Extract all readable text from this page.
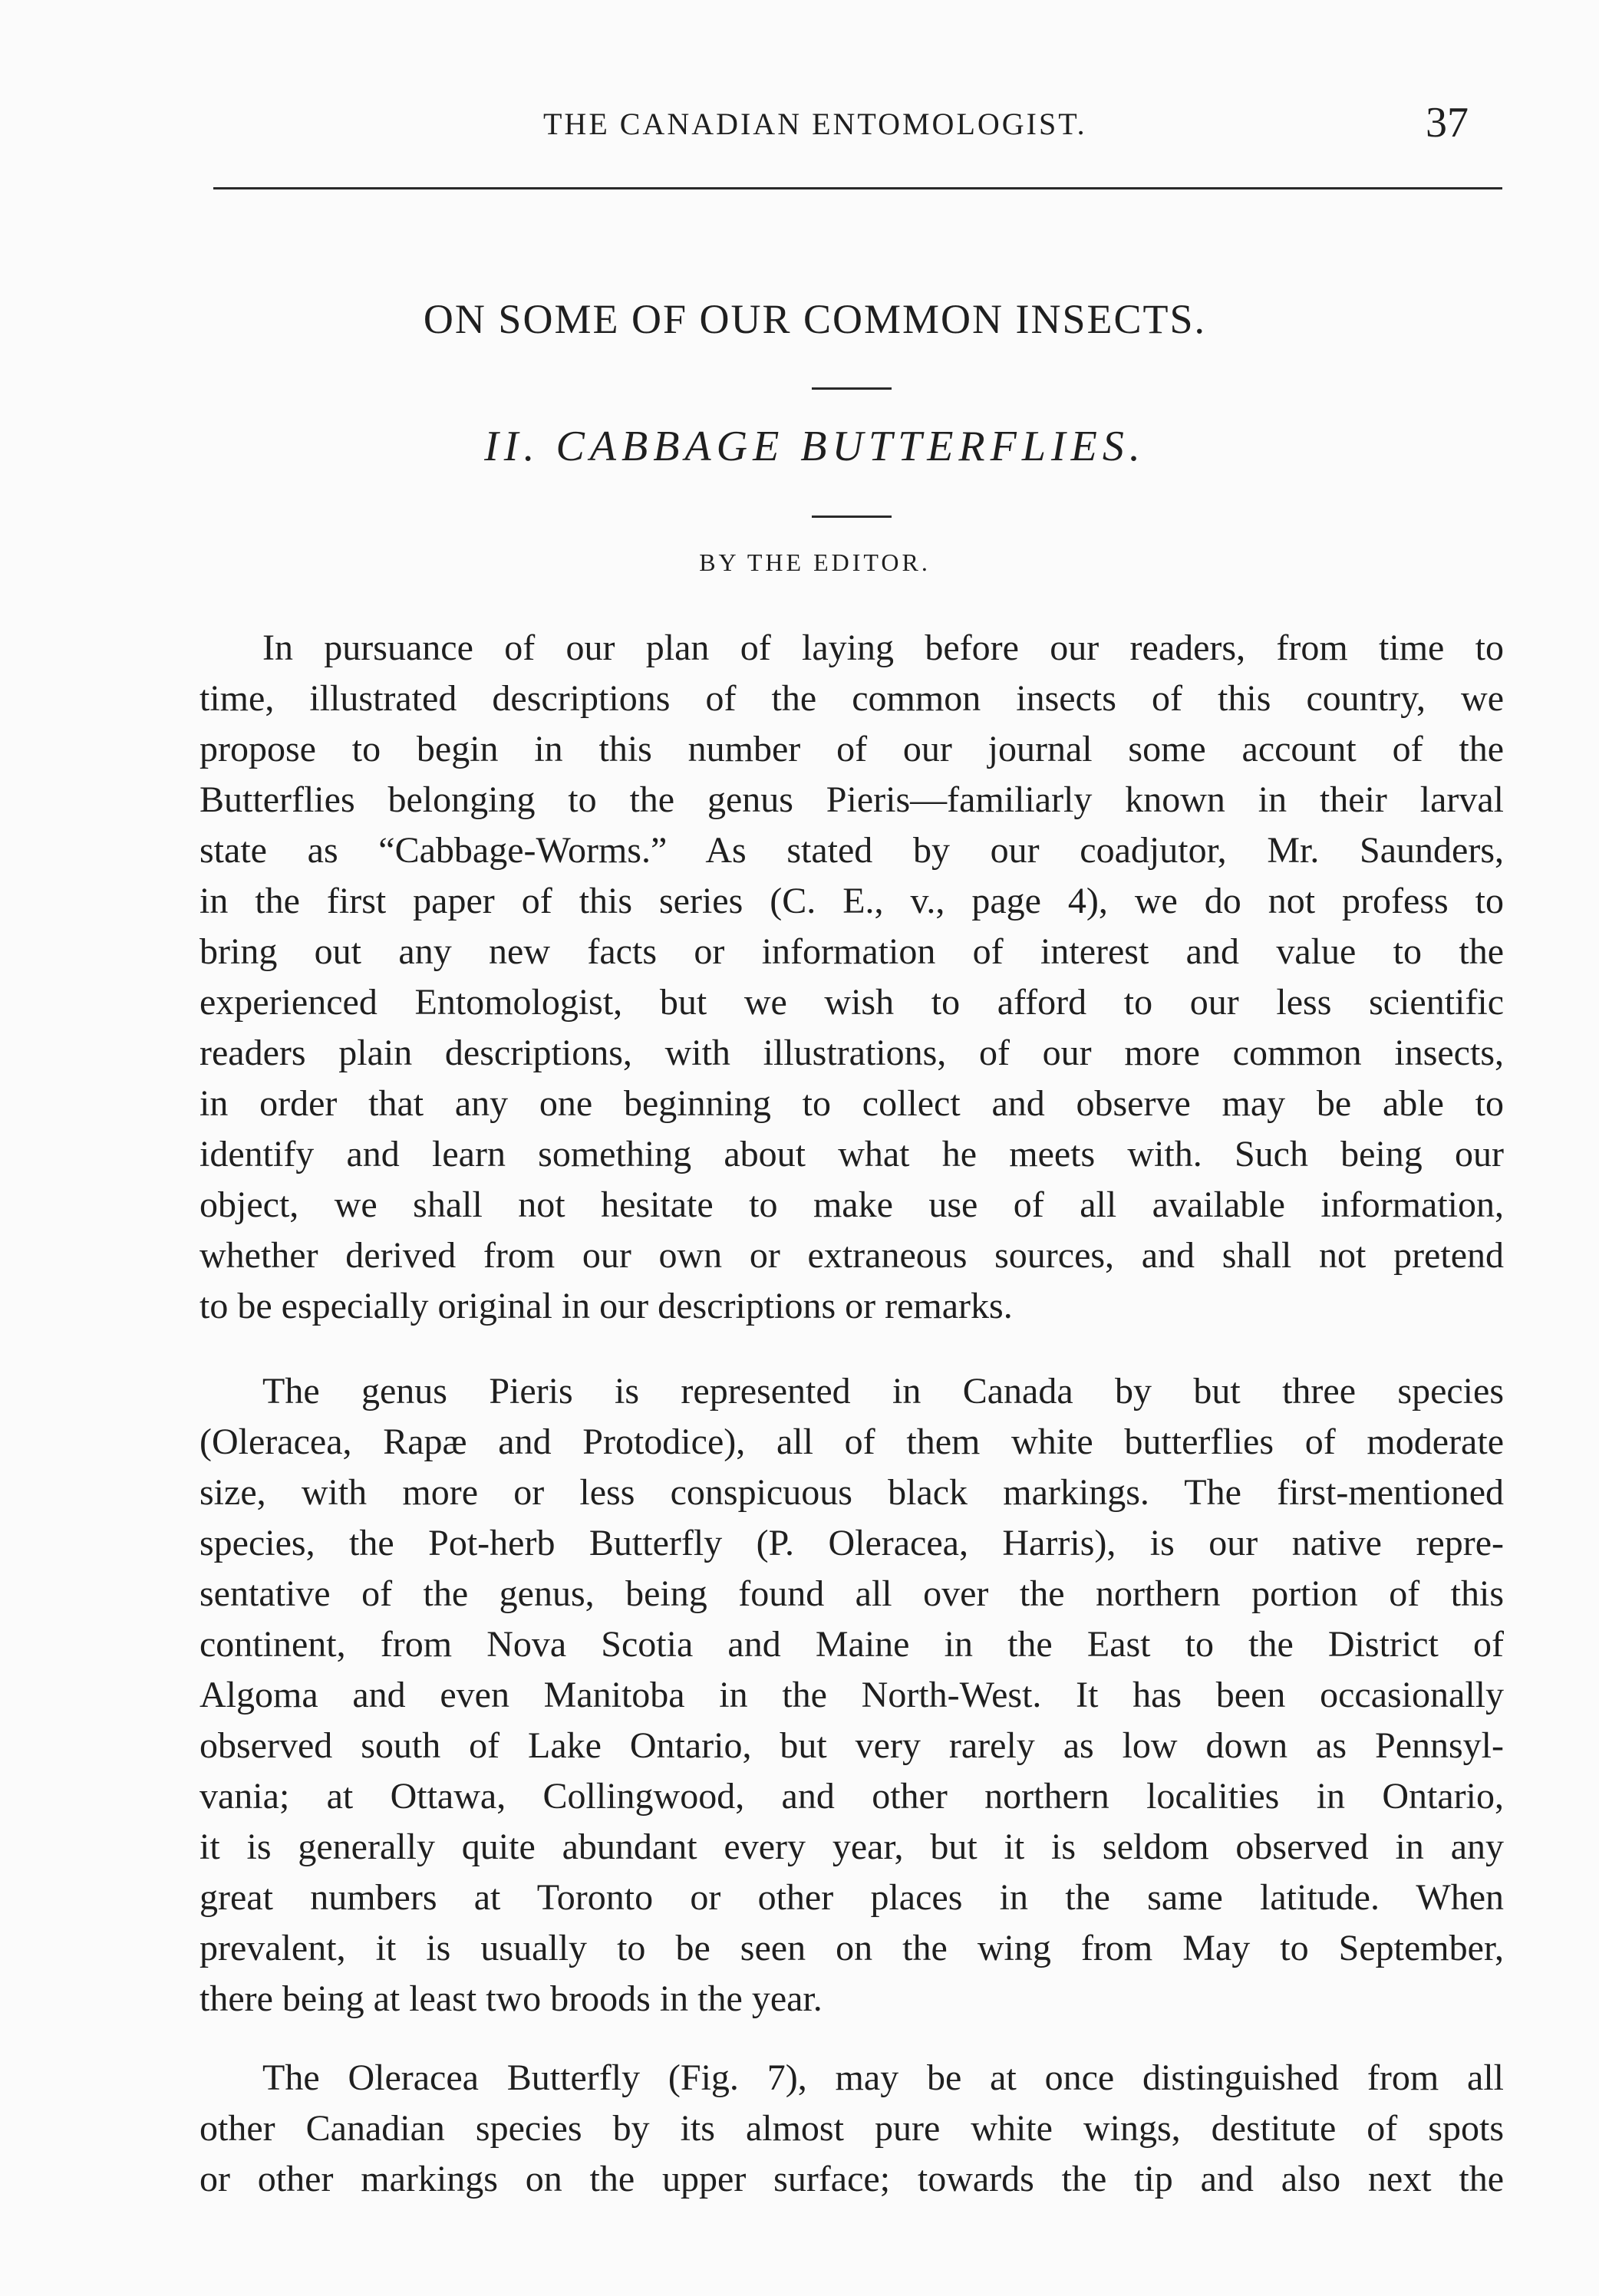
THE CANADIAN ENTOMOLOGIST.	37
ON SOME OF OUR COMMON INSECTS.
II. CABBAGE BUTTERFLIES.
BY THE EDITOR.
In pursuance of our plan of laying before our readers, from time to
time, illustrated descriptions of the common insects of this country, we
propose to begin in this number of our journal some account of the
Butterflies belonging to the genus Pieris—familiarly known in their larval
state as “Cabbage-Worms.” As stated by our coadjutor, Mr. Saunders,
in the first paper of this series (C. E., v., page 4), we do not profess to
bring out any new facts or information of interest and value to the
experienced Entomologist, but we wish to afford to our less scientific
readers plain descriptions, with illustrations, of our more common insects,
in order that any one beginning to collect and observe may be able to
identify and learn something about what he meets with. Such being our
object, we shall not hesitate to make use of all available information,
whether derived from our own or extraneous sources, and shall not pretend
to be especially original in our descriptions or remarks.
The genus Pieris is represented in Canada by but three species
(Oleracea, Rapæ and Protodice), all of them white butterflies of moderate
size, with more or less conspicuous black markings. The first-mentioned
species, the Pot-herb Butterfly (P. Oleracea, Harris), is our native repre-
sentative of the genus, being found all over the northern portion of this
continent, from Nova Scotia and Maine in the East to the District of
Algoma and even Manitoba in the North-West. It has been occasionally
observed south of Lake Ontario, but very rarely as low down as Pennsyl-
vania; at Ottawa, Collingwood, and other northern localities in Ontario,
it is generally quite abundant every year, but it is seldom observed in any
great numbers at Toronto or other places in the same latitude. When
prevalent, it is usually to be seen on the wing from May to September,
there being at least two broods in the year.
The Oleracea Butterfly (Fig. 7), may be at once distinguished from all
other Canadian species by its almost pure white wings, destitute of spots
or other markings on the upper surface; towards the tip and also next the
